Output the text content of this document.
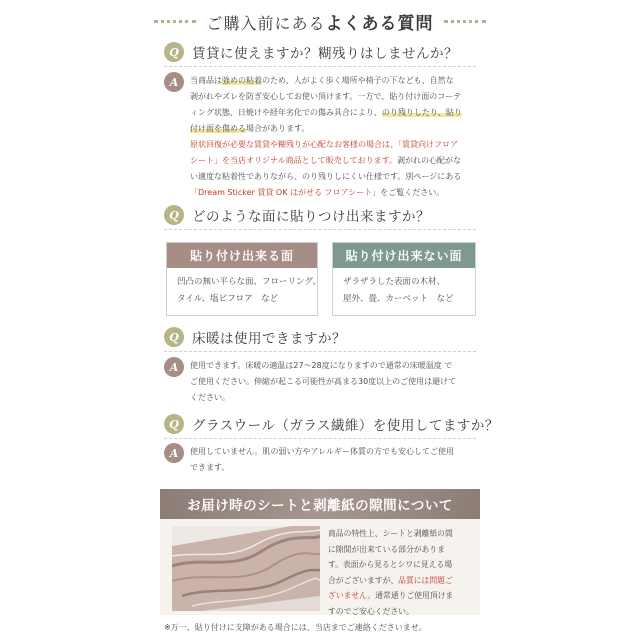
ご購入前にあるよくある質問
Q 賃貸に使えますか？糊残りはしませんか？
A	当商品は強めの粘着のため、人がよく歩く場所や椅子の下なども、自然な

剥がれやズレを防ぎ安心してお使い頂けます。一方で、貼り付け面のコーテ

ィング状態、日焼けや経年劣化での傷み具合により、のり残りしたり、貼り

付け面を傷める場合があります。

原状回復が必要な賃貸や糊残りが心配なお客様の場合は、「賃貸向けフロア

シート」を当店オリジナル商品として販売しております。剥がれの心配がな

い適度な粘着性でありながら、のり残りしにくい仕様です。別ページにある

「Dream Sticker 賃貸 OK はがせる フロアシート」をご覧ください。

Q どのような面に貼りつけ出来ますか？
貼り付け出来る面

凹凸の無い平らな面、フローリング、

タイル、塩ビフロア　など

貼り付け出来ない面

ザラザラした表面の木材、

屋外、畳、カーペット　など

Q 床暖は使用できますか？
A	使用できます。床暖の適温は27～28度になりますので通常の床暖温度 で

ご使用ください。伸縮が起こる可能性が高まる30度以上のご使用は避けて

ください。

Q グラスウール（ガラス繊維）を使用してますか？
A	使用していません。肌の弱い方やアレルギー体質の方でも安心してご使用

できます。

お届け時のシートと剥離紙の隙間について

商品の特性上、シートと剥離紙の間

に隙間が出来ている部分がありま

す。表面から見るとシワに見える場

合がございますが、品質には問題ご

ざいません。通常通りご使用頂けま

すのでご安心ください。

※万一、貼り付けに支障がある場合には、当店までご連絡くださいませ。
